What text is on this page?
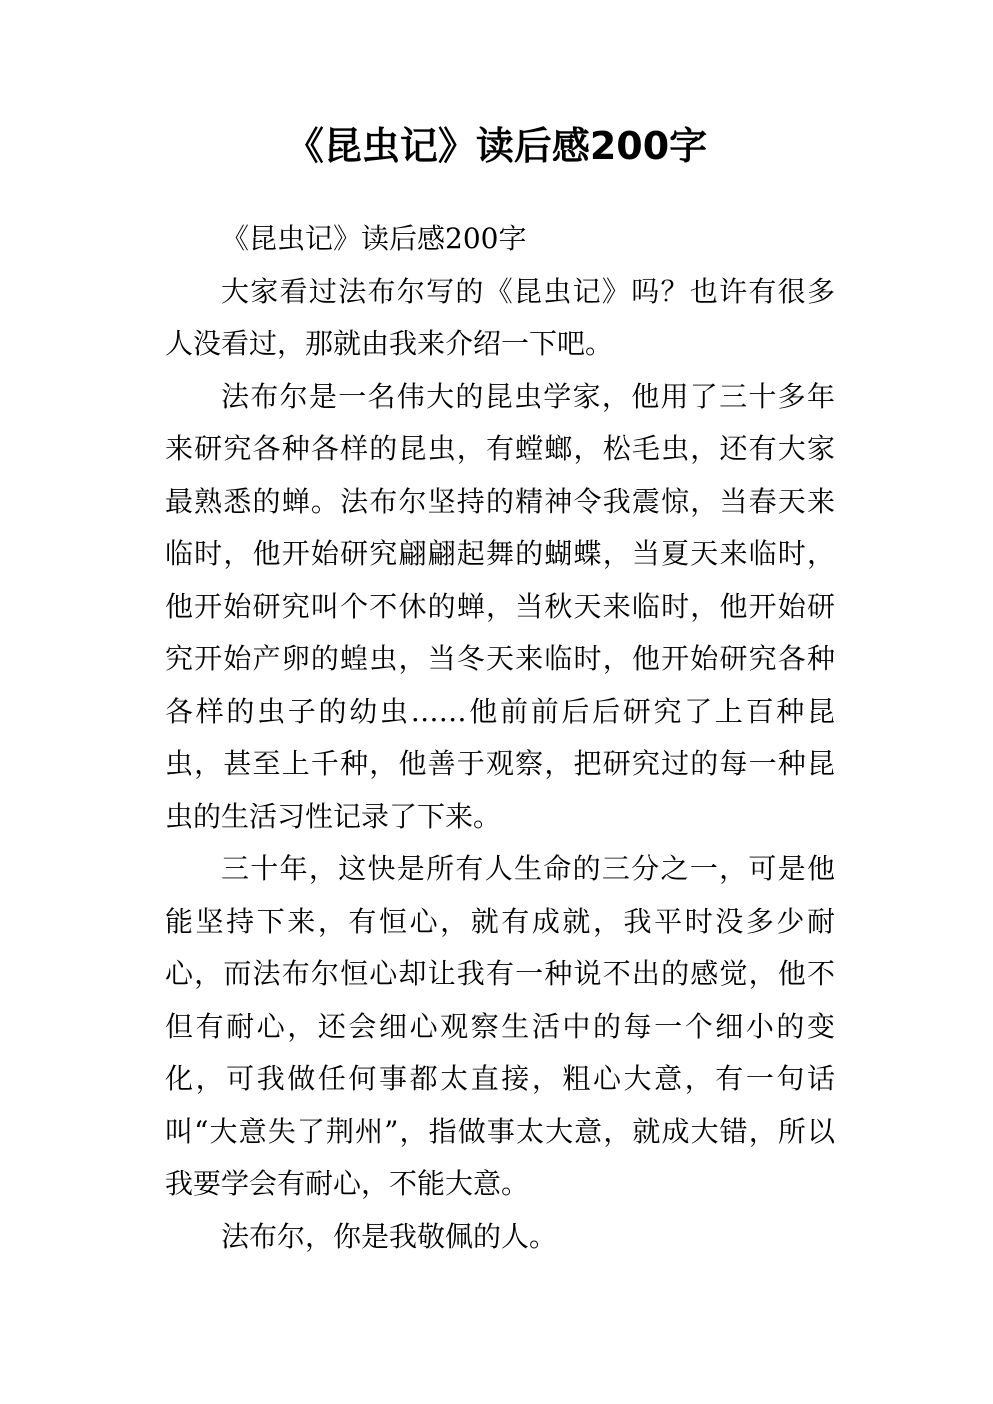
《昆虫记》读后感200字

《昆虫记》读后感200字

大家看过法布尔写的《昆虫记》吗？也许有很多人没看过，那就由我来介绍一下吧。

法布尔是一名伟大的昆虫学家，他用了三十多年来研究各种各样的昆虫，有螳螂，松毛虫，还有大家最熟悉的蝉。法布尔坚持的精神令我震惊，当春天来临时，他开始研究翩翩起舞的蝴蝶，当夏天来临时，他开始研究叫个不休的蝉，当秋天来临时，他开始研究开始产卵的蝗虫，当冬天来临时，他开始研究各种各样的虫子的幼虫……他前前后后研究了上百种昆虫，甚至上千种，他善于观察，把研究过的每一种昆虫的生活习性记录了下来。

三十年，这快是所有人生命的三分之一，可是他能坚持下来，有恒心，就有成就，我平时没多少耐心，而法布尔恒心却让我有一种说不出的感觉，他不但有耐心，还会细心观察生活中的每一个细小的变化，可我做任何事都太直接，粗心大意，有一句话叫“大意失了荆州”，指做事太大意，就成大错，所以我要学会有耐心，不能大意。

法布尔，你是我敬佩的人。
